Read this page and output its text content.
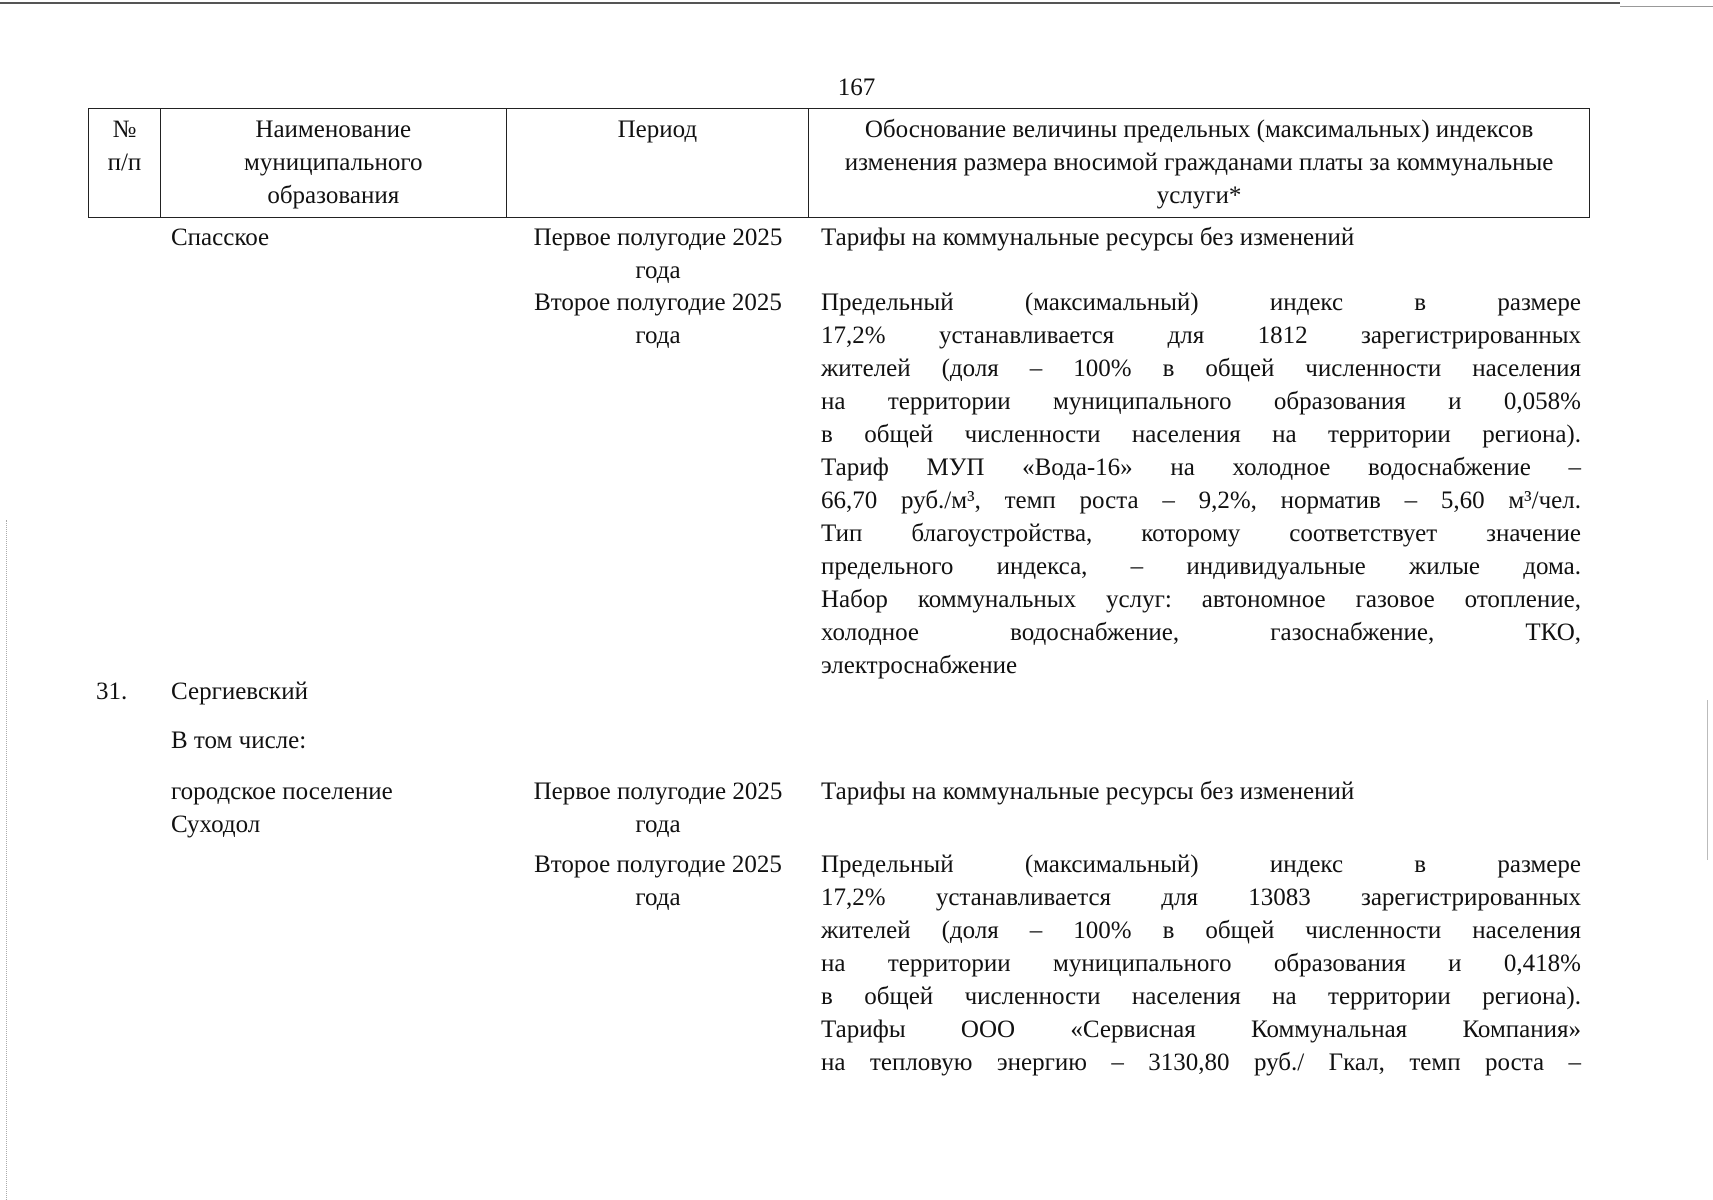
167
№ п/п
Наименование муниципального образования
Период	Обоснование величины предельных (максимальных) индексов изменения размера вносимой гражданами платы за коммунальные услуги*
Спасское	Первое полугодие 2025 года
Тарифы на коммунальные ресурсы без изменений
Второе полугодие 2025 года
Предельный (максимальный) индекс в размере
17,2% устанавливается для 1812 зарегистрированных
жителей (доля – 100% в общей численности населения
на территории муниципального образования и 0,058%
в общей численности населения на территории региона).
Тариф МУП «Вода-16» на холодное водоснабжение –
66,70 руб./м³, темп роста – 9,2%, норматив – 5,60 м³/чел.
Тип благоустройства, которому соответствует значение
предельного индекса, – индивидуальные жилые дома.
Набор коммунальных услуг: автономное газовое отопление,
холодное водоснабжение, газоснабжение, ТКО,
электроснабжение
31. Сергиевский
В том числе:
городское поселение
Суходол
Первое полугодие 2025 года
Тарифы на коммунальные ресурсы без изменений
Второе полугодие 2025 года
Предельный (максимальный) индекс в размере
17,2% устанавливается для 13083 зарегистрированных
жителей (доля – 100% в общей численности населения
на территории муниципального образования и 0,418%
в общей численности населения на территории региона).
Тарифы ООО «Сервисная Коммунальная Компания»
на тепловую энергию – 3130,80 руб./ Гкал, темп роста –
